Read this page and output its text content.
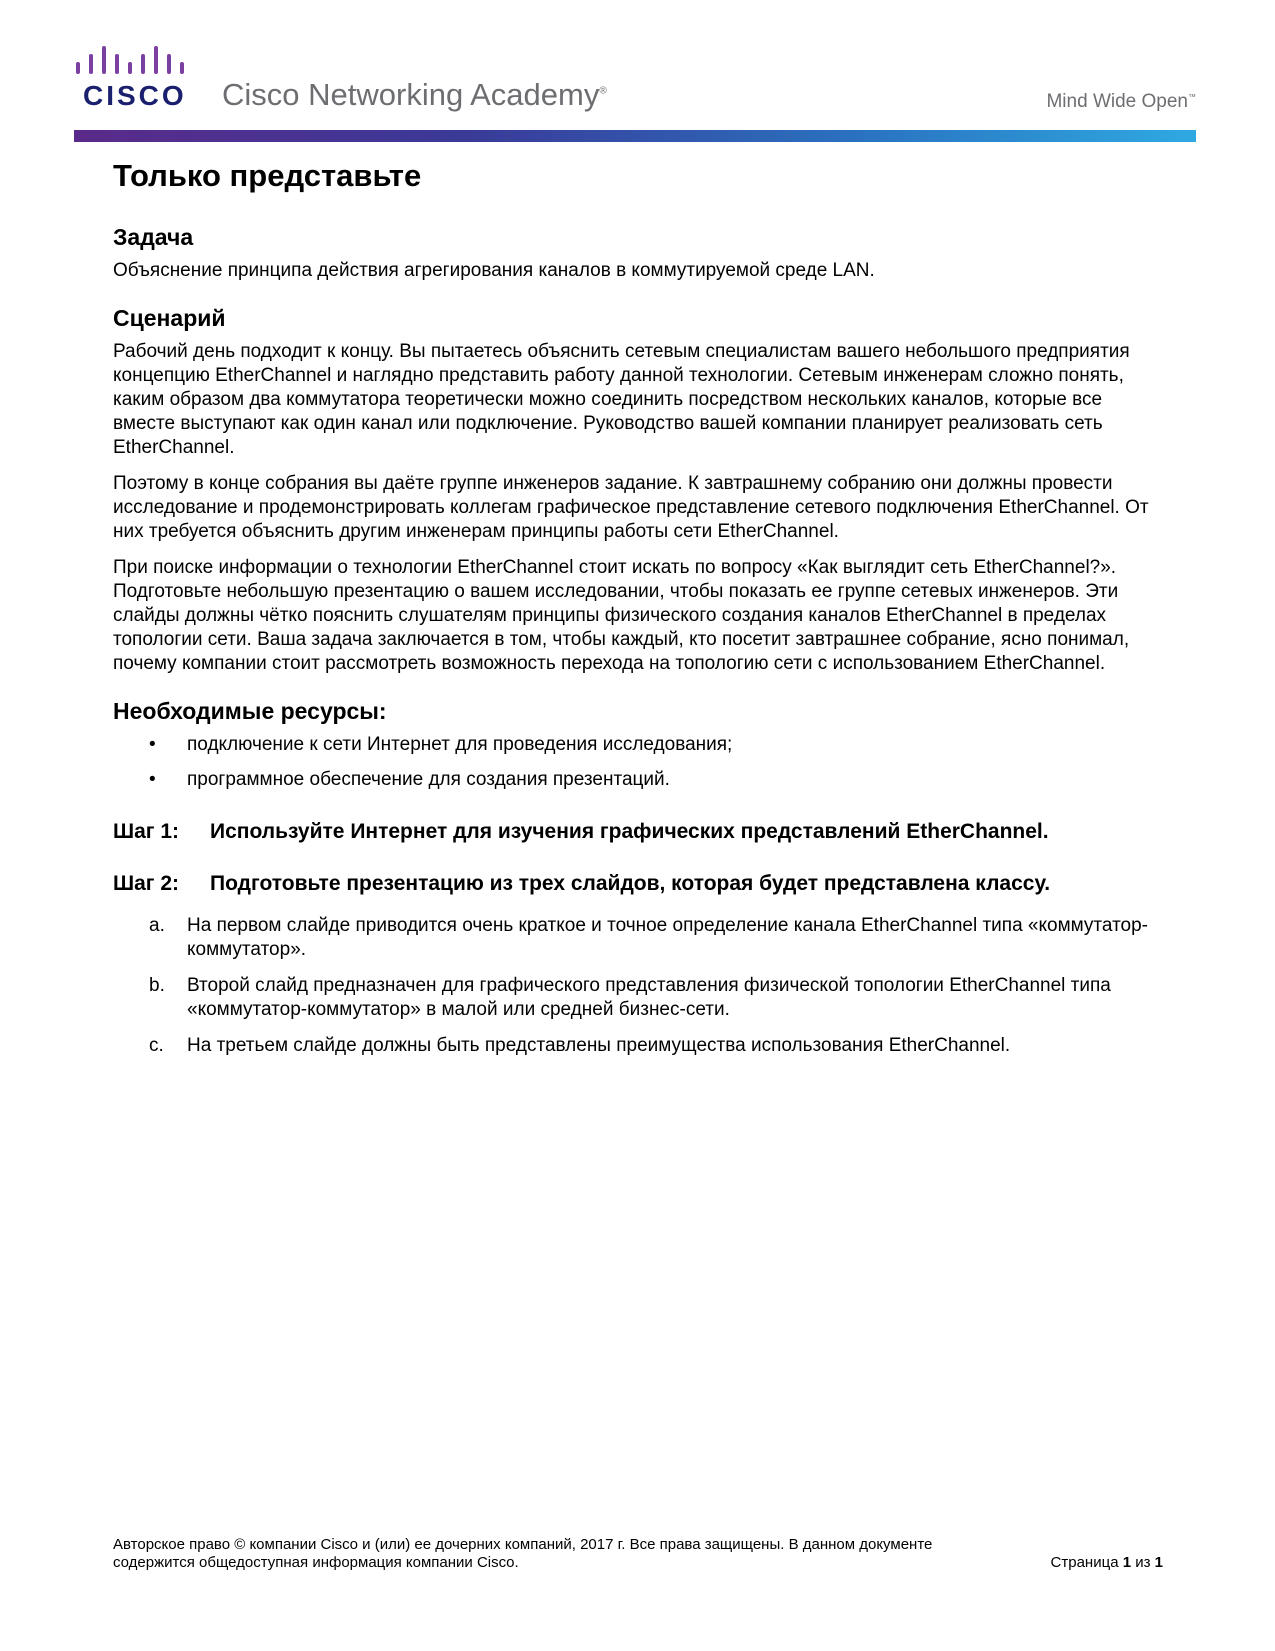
CISCO Cisco Networking Academy®	Mind Wide Open™
Только представьте
Задача

Объяснение принципа действия агрегирования каналов в коммутируемой среде LAN.

Сценарий

Рабочий день подходит к концу. Вы пытаетесь объяснить сетевым специалистам вашего небольшого предприятия концепцию EtherChannel и наглядно представить работу данной технологии. Сетевым инженерам сложно понять, каким образом два коммутатора теоретически можно соединить посредством нескольких каналов, которые все вместе выступают как один канал или подключение. Руководство вашей компании планирует реализовать сеть EtherChannel.

Поэтому в конце собрания вы даёте группе инженеров задание. К завтрашнему собранию они должны провести исследование и продемонстрировать коллегам графическое представление сетевого подключения EtherChannel. От них требуется объяснить другим инженерам принципы работы сети EtherChannel.

При поиске информации о технологии EtherChannel стоит искать по вопросу «Как выглядит сеть EtherChannel?». Подготовьте небольшую презентацию о вашем исследовании, чтобы показать ее группе сетевых инженеров. Эти слайды должны чётко пояснить слушателям принципы физического создания каналов EtherChannel в пределах топологии сети. Ваша задача заключается в том, чтобы каждый, кто посетит завтрашнее собрание, ясно понимал, почему компании стоит рассмотреть возможность перехода на топологию сети с использованием EtherChannel.

Необходимые ресурсы:
• подключение к сети Интернет для проведения исследования;
• программное обеспечение для создания презентаций.
Шаг 1:	Используйте Интернет для изучения графических представлений EtherChannel.
Шаг 2:	Подготовьте презентацию из трех слайдов, которая будет представлена классу.
a. На первом слайде приводится очень краткое и точное определение канала EtherChannel типа «коммутатор-коммутатор».
b. Второй слайд предназначен для графического представления физической топологии EtherChannel типа «коммутатор-коммутатор» в малой или средней бизнес-сети.
c. На третьем слайде должны быть представлены преимущества использования EtherChannel.
Авторское право © компании Cisco и (или) ее дочерних компаний, 2017 г. Все права защищены. В данном документе содержится общедоступная информация компании Cisco.	Страница 1 из 1
